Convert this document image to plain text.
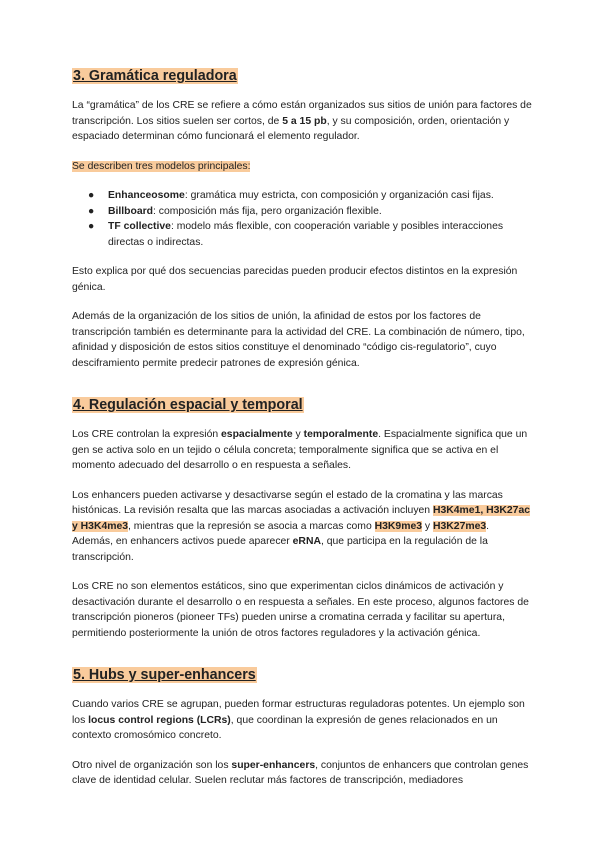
3. Gramática reguladora

La “gramática” de los CRE se refiere a cómo están organizados sus sitios de unión para factores de transcripción. Los sitios suelen ser cortos, de 5 a 15 pb, y su composición, orden, orientación y espaciado determinan cómo funcionará el elemento regulador.

Se describen tres modelos principales:

● Enhanceosome: gramática muy estricta, con composición y organización casi fijas.
● Billboard: composición más fija, pero organización flexible.
● TF collective: modelo más flexible, con cooperación variable y posibles interacciones directas o indirectas.

Esto explica por qué dos secuencias parecidas pueden producir efectos distintos en la expresión génica.

Además de la organización de los sitios de unión, la afinidad de estos por los factores de transcripción también es determinante para la actividad del CRE. La combinación de número, tipo, afinidad y disposición de estos sitios constituye el denominado “código cis-regulatorio”, cuyo desciframiento permite predecir patrones de expresión génica.

4. Regulación espacial y temporal

Los CRE controlan la expresión espacialmente y temporalmente. Espacialmente significa que un gen se activa solo en un tejido o célula concreta; temporalmente significa que se activa en el momento adecuado del desarrollo o en respuesta a señales.

Los enhancers pueden activarse y desactivarse según el estado de la cromatina y las marcas histónicas. La revisión resalta que las marcas asociadas a activación incluyen H3K4me1, H3K27ac y H3K4me3, mientras que la represión se asocia a marcas como H3K9me3 y H3K27me3. Además, en enhancers activos puede aparecer eRNA, que participa en la regulación de la transcripción.

Los CRE no son elementos estáticos, sino que experimentan ciclos dinámicos de activación y desactivación durante el desarrollo o en respuesta a señales. En este proceso, algunos factores de transcripción pioneros (pioneer TFs) pueden unirse a cromatina cerrada y facilitar su apertura, permitiendo posteriormente la unión de otros factores reguladores y la activación génica.

5. Hubs y super-enhancers

Cuando varios CRE se agrupan, pueden formar estructuras reguladoras potentes. Un ejemplo son los locus control regions (LCRs), que coordinan la expresión de genes relacionados en un contexto cromosómico concreto.

Otro nivel de organización son los super-enhancers, conjuntos de enhancers que controlan genes clave de identidad celular. Suelen reclutar más factores de transcripción, mediadores
